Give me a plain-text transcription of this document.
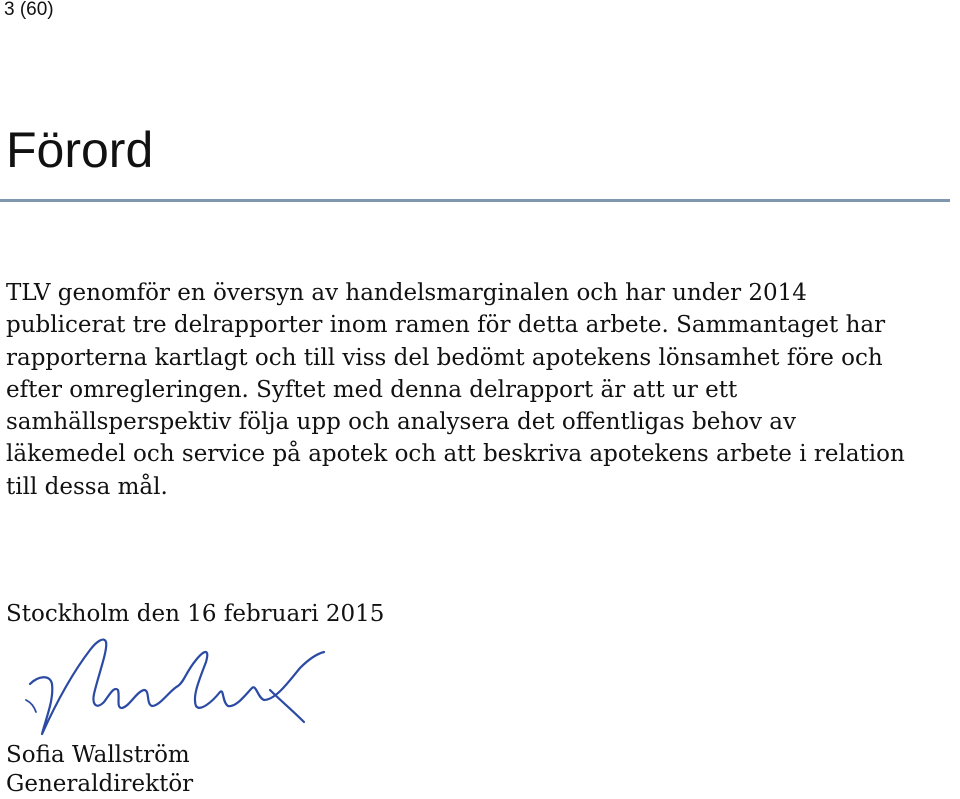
3 (60)
Förord
TLV genomför en översyn av handelsmarginalen och har under 2014
publicerat tre delrapporter inom ramen för detta arbete. Sammantaget har
rapporterna kartlagt och till viss del bedömt apotekens lönsamhet före och
efter omregleringen. Syftet med denna delrapport är att ur ett
samhällsperspektiv följa upp och analysera det offentligas behov av
läkemedel och service på apotek och att beskriva apotekens arbete i relation
till dessa mål.
Stockholm den 16 februari 2015
Sofia Wallström
Generaldirektör
